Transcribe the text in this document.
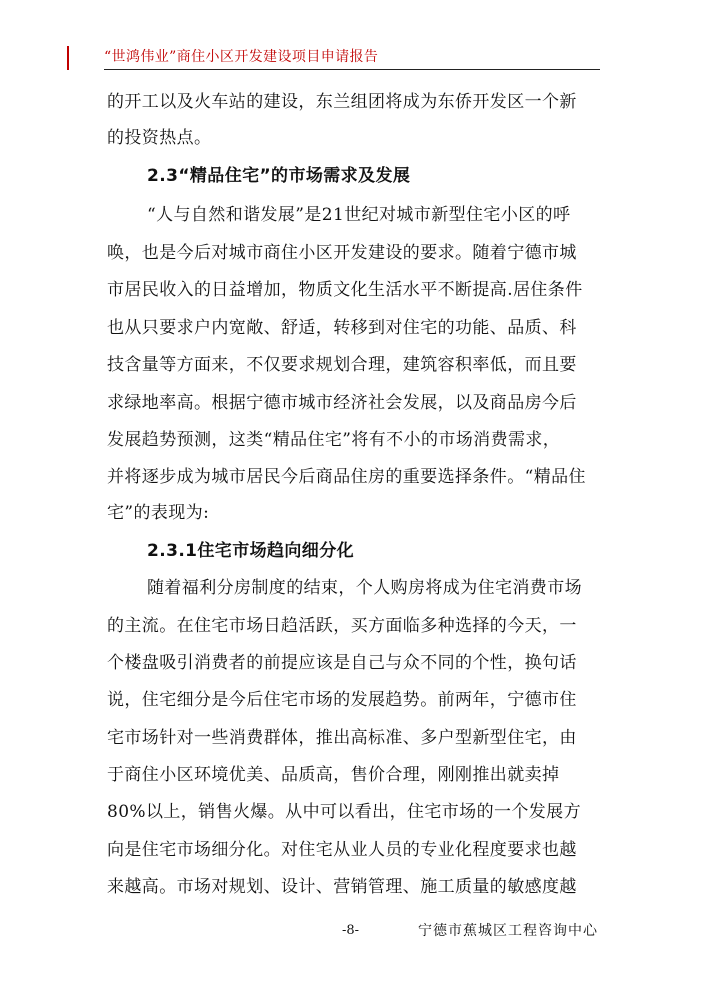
“世鸿伟业”商住小区开发建设项目申请报告
的开工以及火车站的建设，东兰组团将成为东侨开发区一个新
的投资热点。
2.3“精品住宅”的市场需求及发展
“人与自然和谐发展”是21世纪对城市新型住宅小区的呼
唤，也是今后对城市商住小区开发建设的要求。随着宁德市城
市居民收入的日益增加，物质文化生活水平不断提高.居住条件
也从只要求户内宽敞、舒适，转移到对住宅的功能、品质、科
技含量等方面来，不仅要求规划合理，建筑容积率低，而且要
求绿地率高。根据宁德市城市经济社会发展，以及商品房今后
发展趋势预测，这类“精品住宅”将有不小的市场消费需求，
并将逐步成为城市居民今后商品住房的重要选择条件。“精品住
宅”的表现为:
2.3.1住宅市场趋向细分化
随着福利分房制度的结束，个人购房将成为住宅消费市场
的主流。在住宅市场日趋活跃，买方面临多种选择的今天，一
个楼盘吸引消费者的前提应该是自己与众不同的个性，换句话
说，住宅细分是今后住宅市场的发展趋势。前两年，宁德市住
宅市场针对一些消费群体，推出高标准、多户型新型住宅，由
于商住小区环境优美、品质高，售价合理，刚刚推出就卖掉
80%以上，销售火爆。从中可以看出，住宅市场的一个发展方
向是住宅市场细分化。对住宅从业人员的专业化程度要求也越
来越高。市场对规划、设计、营销管理、施工质量的敏感度越
-8-	宁德市蕉城区工程咨询中心
